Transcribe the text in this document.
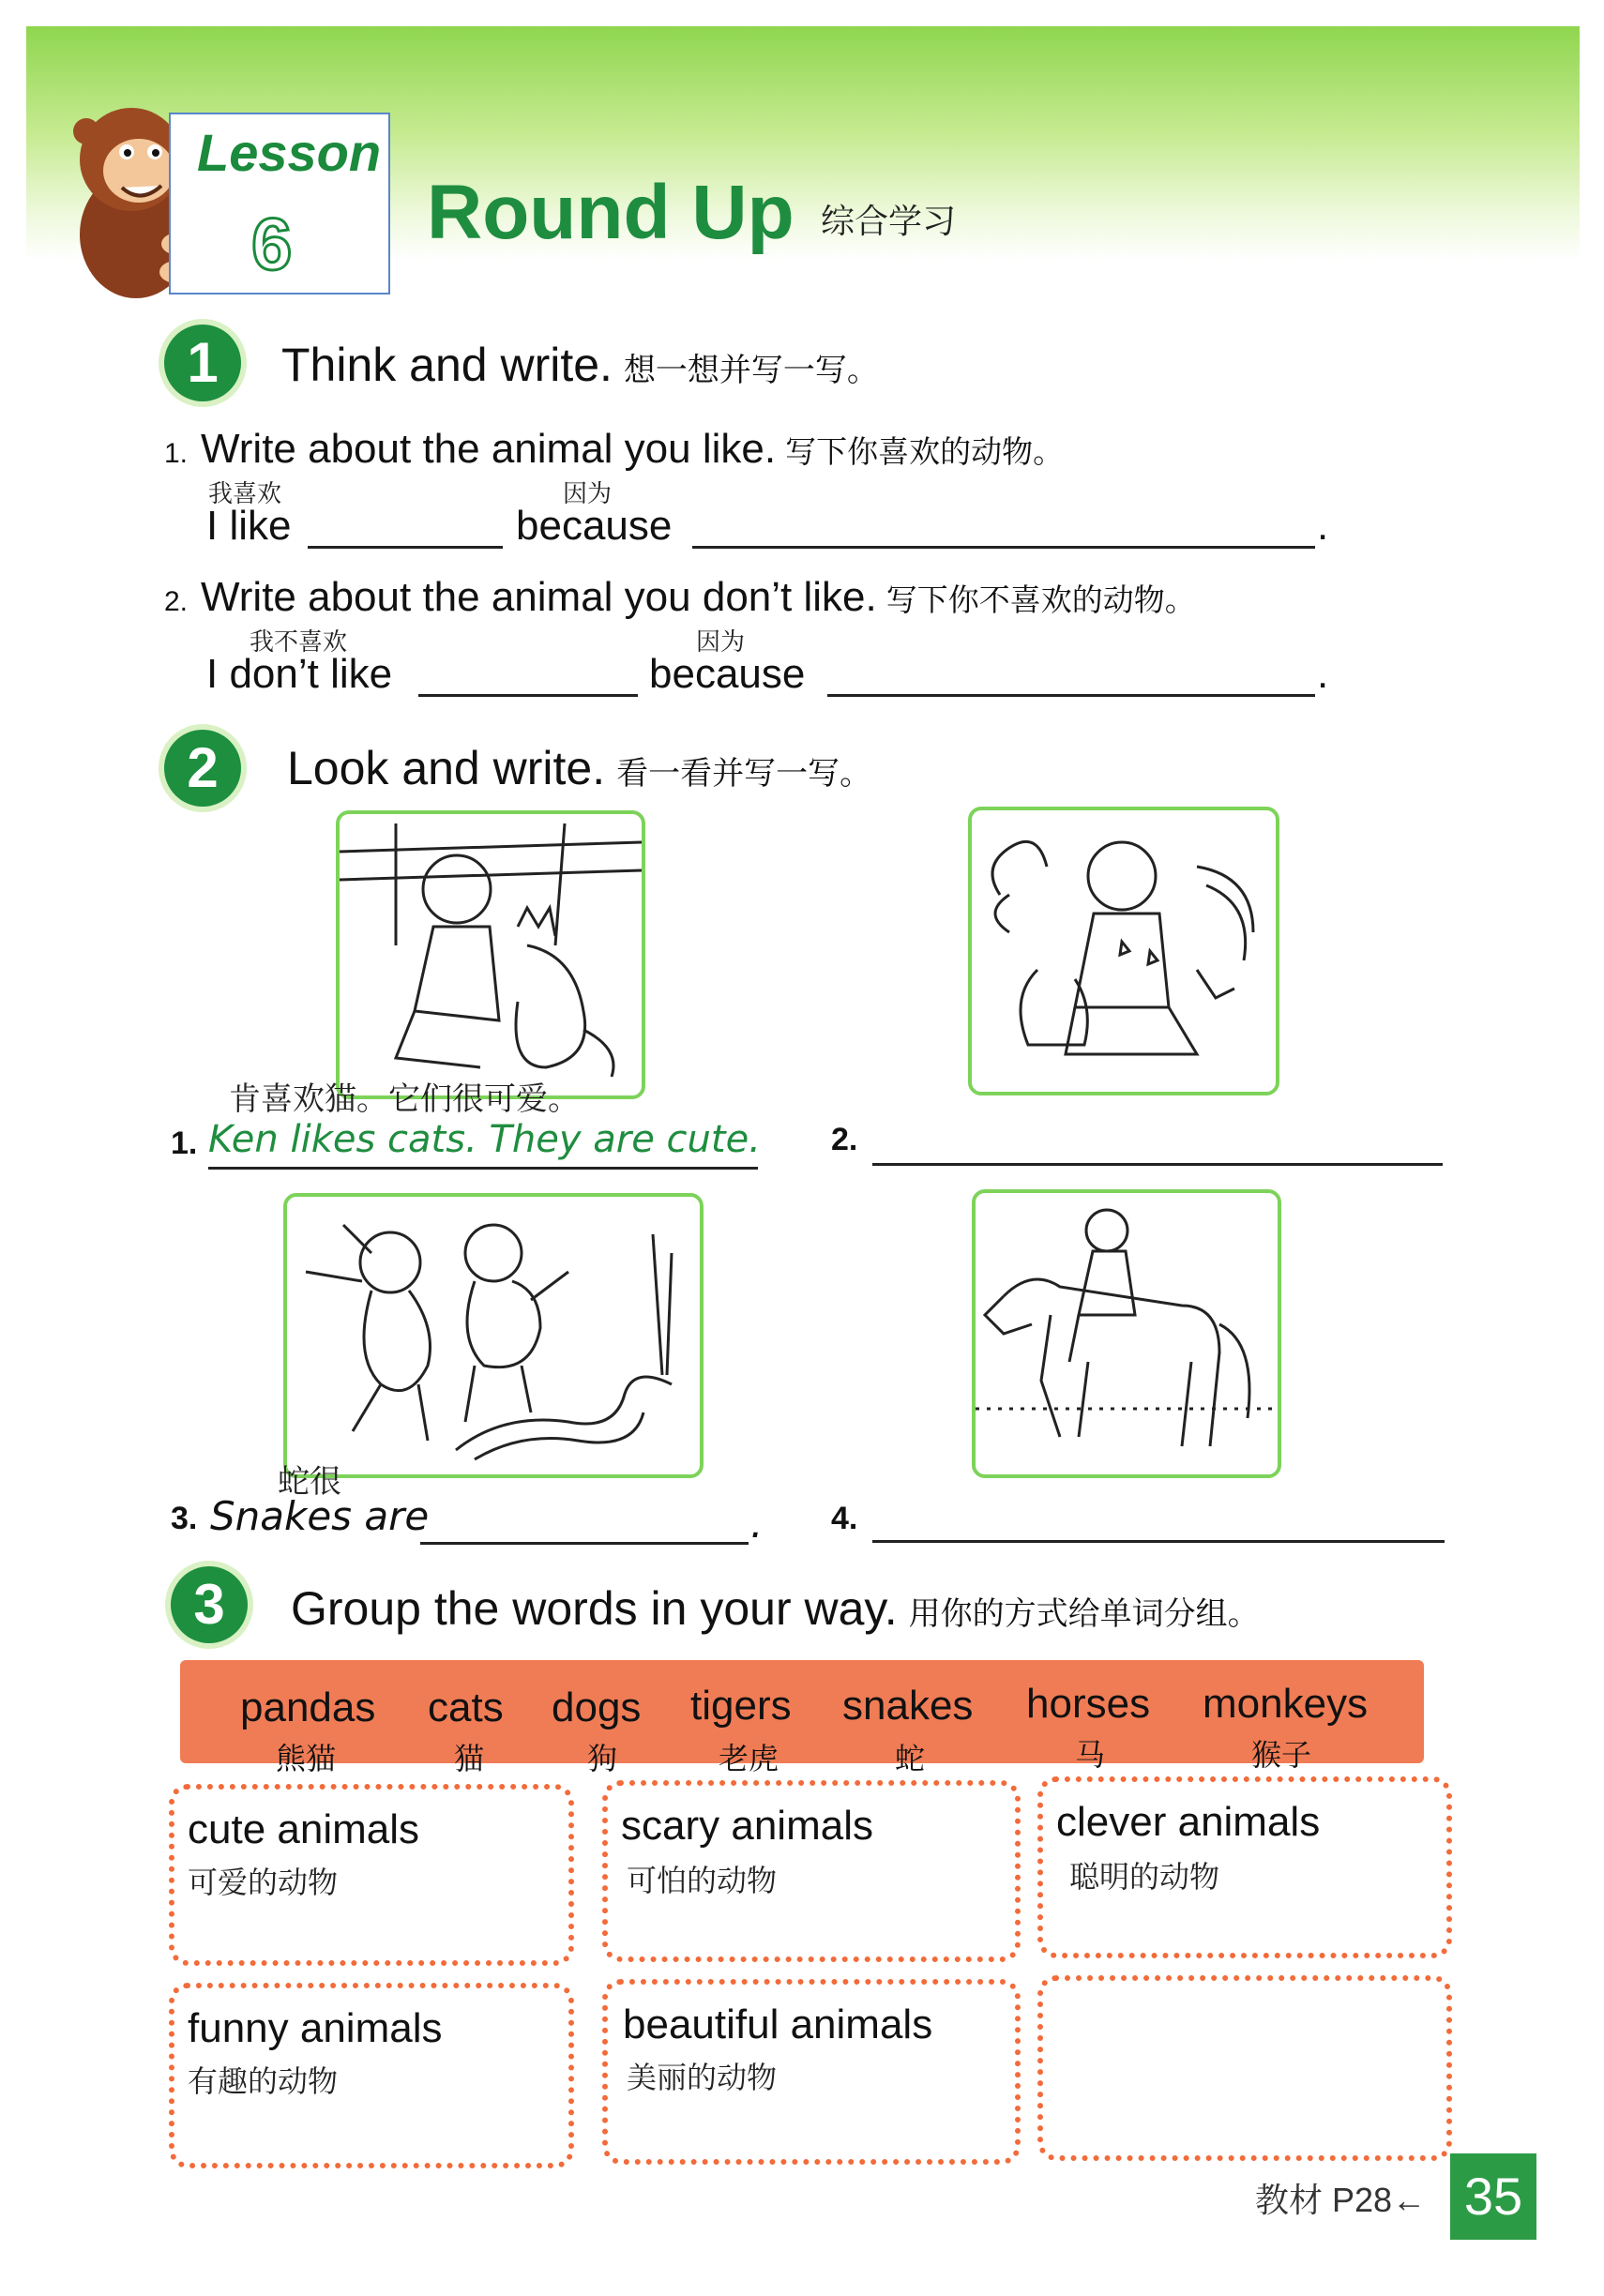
Lesson
6 Round Up 综合学习
1	Think and write. 想一想并写一写。
1. Write about the animal you like. 写下你喜欢的动物。
我喜欢	因为
I like	because	.
2. Write about the animal you don’t like. 写下你不喜欢的动物。
我不喜欢	因为
I don’t like	because	.
2	Look and write. 看一看并写一写。
肯喜欢猫。它们很可爱。
1. Ken likes cats. They are cute. 2.
蛇很
3. Snakes are	. 4.
3	Group the words in your way. 用你的方式给单词分组。
pandas
熊猫
cats
猫
dogs
狗
tigers
老虎
snakes
蛇
horses
马
monkeys
猴子
cute animals
可爱的动物
scary animals
可怕的动物
clever animals
聪明的动物
funny animals
有趣的动物
beautiful animals
美丽的动物
教材 P28← 35
